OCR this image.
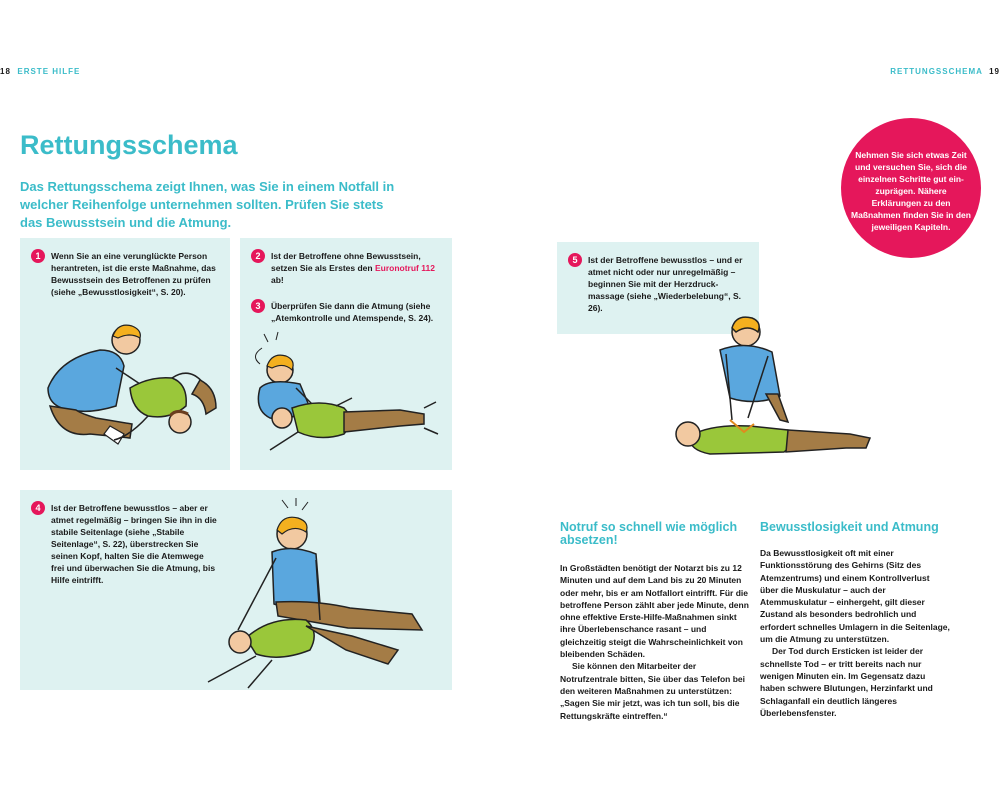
18 ERSTE HILFE	RETTUNGSSCHEMA 19
Rettungsschema
Das Rettungsschema zeigt Ihnen, was Sie in einem Notfall in welcher Reihenfolge unternehmen sollten. Prüfen Sie stets das Bewusstsein und die Atmung.
1	Wenn Sie an eine verunglückte Person herantreten, ist die erste Maßnahme, das Bewusstsein des Betroffenen zu prüfen (siehe „Bewusstlosigkeit“, S. 20).
2	Ist der Betroffene ohne Bewusstsein, setzen Sie als Erstes den Euronotruf 112 ab!
3	Überprüfen Sie dann die Atmung (siehe „Atemkontrolle und Atemspende, S. 24).
4	Ist der Betroffene bewusstlos – aber er atmet regelmäßig – bringen Sie ihn in die stabile Seitenlage (siehe „Stabile Seitenlage“, S. 22), überstrecken Sie seinen Kopf, halten Sie die Atemwege frei und überwachen Sie die Atmung, bis Hilfe eintrifft.
5	Ist der Betroffene bewusstlos – und er atmet nicht oder nur unregelmäßig – beginnen Sie mit der Herzdruck-massage (siehe „Wiederbelebung“, S. 26).
Nehmen Sie sich etwas Zeit und versuchen Sie, sich die einzelnen Schritte gut ein-zuprägen. Nähere Erklärungen zu den Maßnahmen finden Sie in den jeweiligen Kapiteln.
Notruf so schnell wie möglich absetzen!

In Großstädten benötigt der Notarzt bis zu 12 Minuten und auf dem Land bis zu 20 Minuten oder mehr, bis er am Notfallort eintrifft. Für die betroffene Person zählt aber jede Minute, denn ohne effektive Erste-Hilfe-Maßnahmen sinkt ihre Überlebenschance rasant – und gleichzeitig steigt die Wahrscheinlichkeit von bleibenden Schäden.

Sie können den Mitarbeiter der Notrufzentrale bitten, Sie über das Telefon bei den weiteren Maßnahmen zu unterstützen: „Sagen Sie mir jetzt, was ich tun soll, bis die Rettungskräfte eintreffen.“

Bewusstlosigkeit und Atmung

Da Bewusstlosigkeit oft mit einer Funktionsstörung des Gehirns (Sitz des Atemzentrums) und einem Kontrollverlust über die Muskulatur – auch der Atemmuskulatur – einhergeht, gilt dieser Zustand als besonders bedrohlich und erfordert schnelles Umlagern in die Seitenlage, um die Atmung zu unterstützen.

Der Tod durch Ersticken ist leider der schnellste Tod – er tritt bereits nach nur wenigen Minuten ein. Im Gegensatz dazu haben schwere Blutungen, Herzinfarkt und Schlaganfall ein deutlich längeres Überlebensfenster.
